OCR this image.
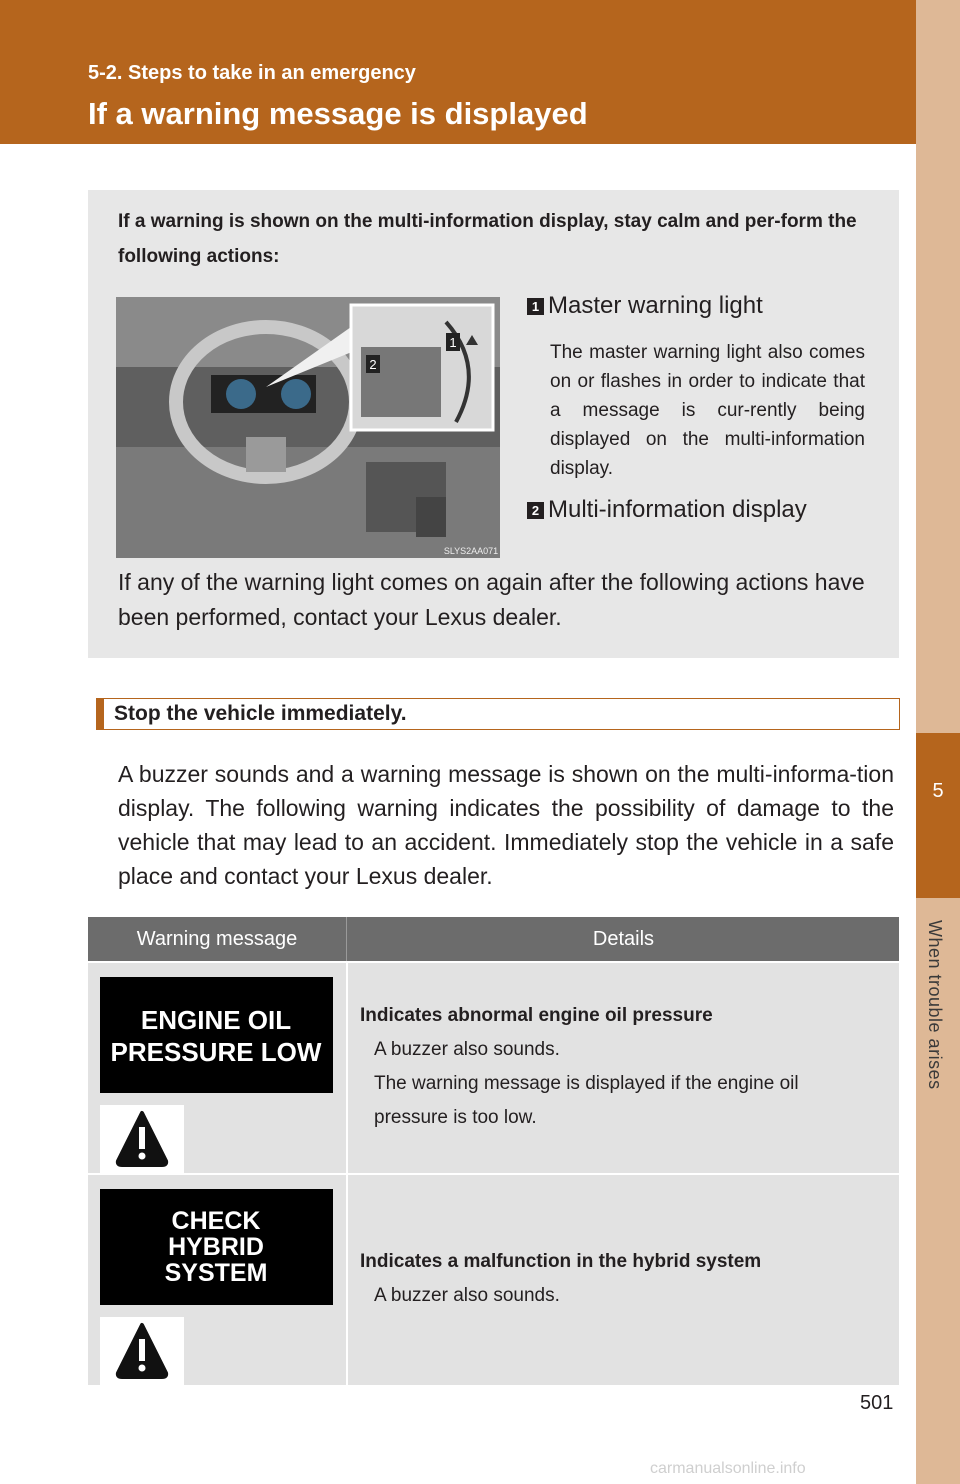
5-2. Steps to take in an emergency
If a warning message is displayed
5
When trouble arises
If a warning is shown on the multi-information display, stay calm and per-form the following actions:
1
2
SLYS2AA071
1 Master warning light
The master warning light also comes on or flashes in order to indicate that a message is cur-rently being displayed on the multi-information display.
2 Multi-information display
If any of the warning light comes on again after the following actions have been performed, contact your Lexus dealer.
Stop the vehicle immediately.
A buzzer sounds and a warning message is shown on the multi-informa-tion display. The following warning indicates the possibility of damage to the vehicle that may lead to an accident. Immediately stop the vehicle in a safe place and contact your Lexus dealer.
Warning message	Details
ENGINE OIL
PRESSURE LOW
Indicates abnormal engine oil pressure
A buzzer also sounds.
The warning message is displayed if the engine oil
pressure is too low.
CHECK
HYBRID
SYSTEM	Indicates a malfunction in the hybrid system
A buzzer also sounds.
501
carmanualsonline.info
